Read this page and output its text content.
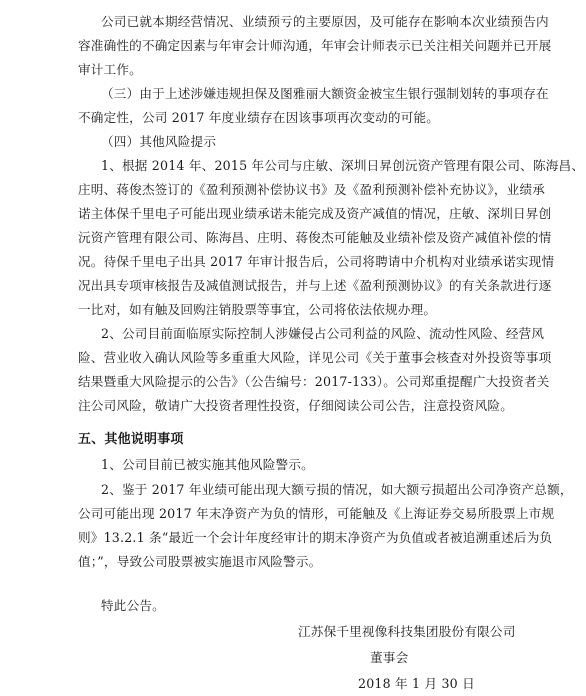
公司已就本期经营情况、业绩预亏的主要原因，及可能存在影响本次业绩预告内
容准确性的不确定因素与年审会计师沟通，年审会计师表示已关注相关问题并已开展
审计工作。
（三）由于上述涉嫌违规担保及图雅丽大额资金被宝生银行强制划转的事项存在
不确定性，公司 2017 年度业绩存在因该事项再次变动的可能。
（四）其他风险提示
1、根据 2014 年、2015 年公司与庄敏、深圳日昇创沅资产管理有限公司、陈海昌、
庄明、蒋俊杰签订的《盈利预测补偿协议书》及《盈利预测补偿补充协议》，业绩承
诺主体保千里电子可能出现业绩承诺未能完成及资产减值的情况，庄敏、深圳日昇创
沅资产管理有限公司、陈海昌、庄明、蒋俊杰可能触及业绩补偿及资产减值补偿的情
况。待保千里电子出具 2017 年审计报告后，公司将聘请中介机构对业绩承诺实现情
况出具专项审核报告及减值测试报告，并与上述《盈利预测协议》的有关条款进行逐
一比对，如有触及回购注销股票等事宜，公司将依法依规办理。
2、公司目前面临原实际控制人涉嫌侵占公司利益的风险、流动性风险、经营风
险、营业收入确认风险等多重重大风险，详见公司《关于董事会核查对外投资等事项
结果暨重大风险提示的公告》（公告编号：2017-133）。公司郑重提醒广大投资者关
注公司风险，敬请广大投资者理性投资，仔细阅读公司公告，注意投资风险。
五、其他说明事项
1、公司目前已被实施其他风险警示。
2、鉴于 2017 年业绩可能出现大额亏损的情况，如大额亏损超出公司净资产总额，
公司可能出现 2017 年末净资产为负的情形，可能触及《上海证券交易所股票上市规
则》13.2.1 条“最近一个会计年度经审计的期末净资产为负值或者被追溯重述后为负
值；”，导致公司股票被实施退市风险警示。
特此公告。
江苏保千里视像科技集团股份有限公司
董事会
2018 年 1 月 30 日
